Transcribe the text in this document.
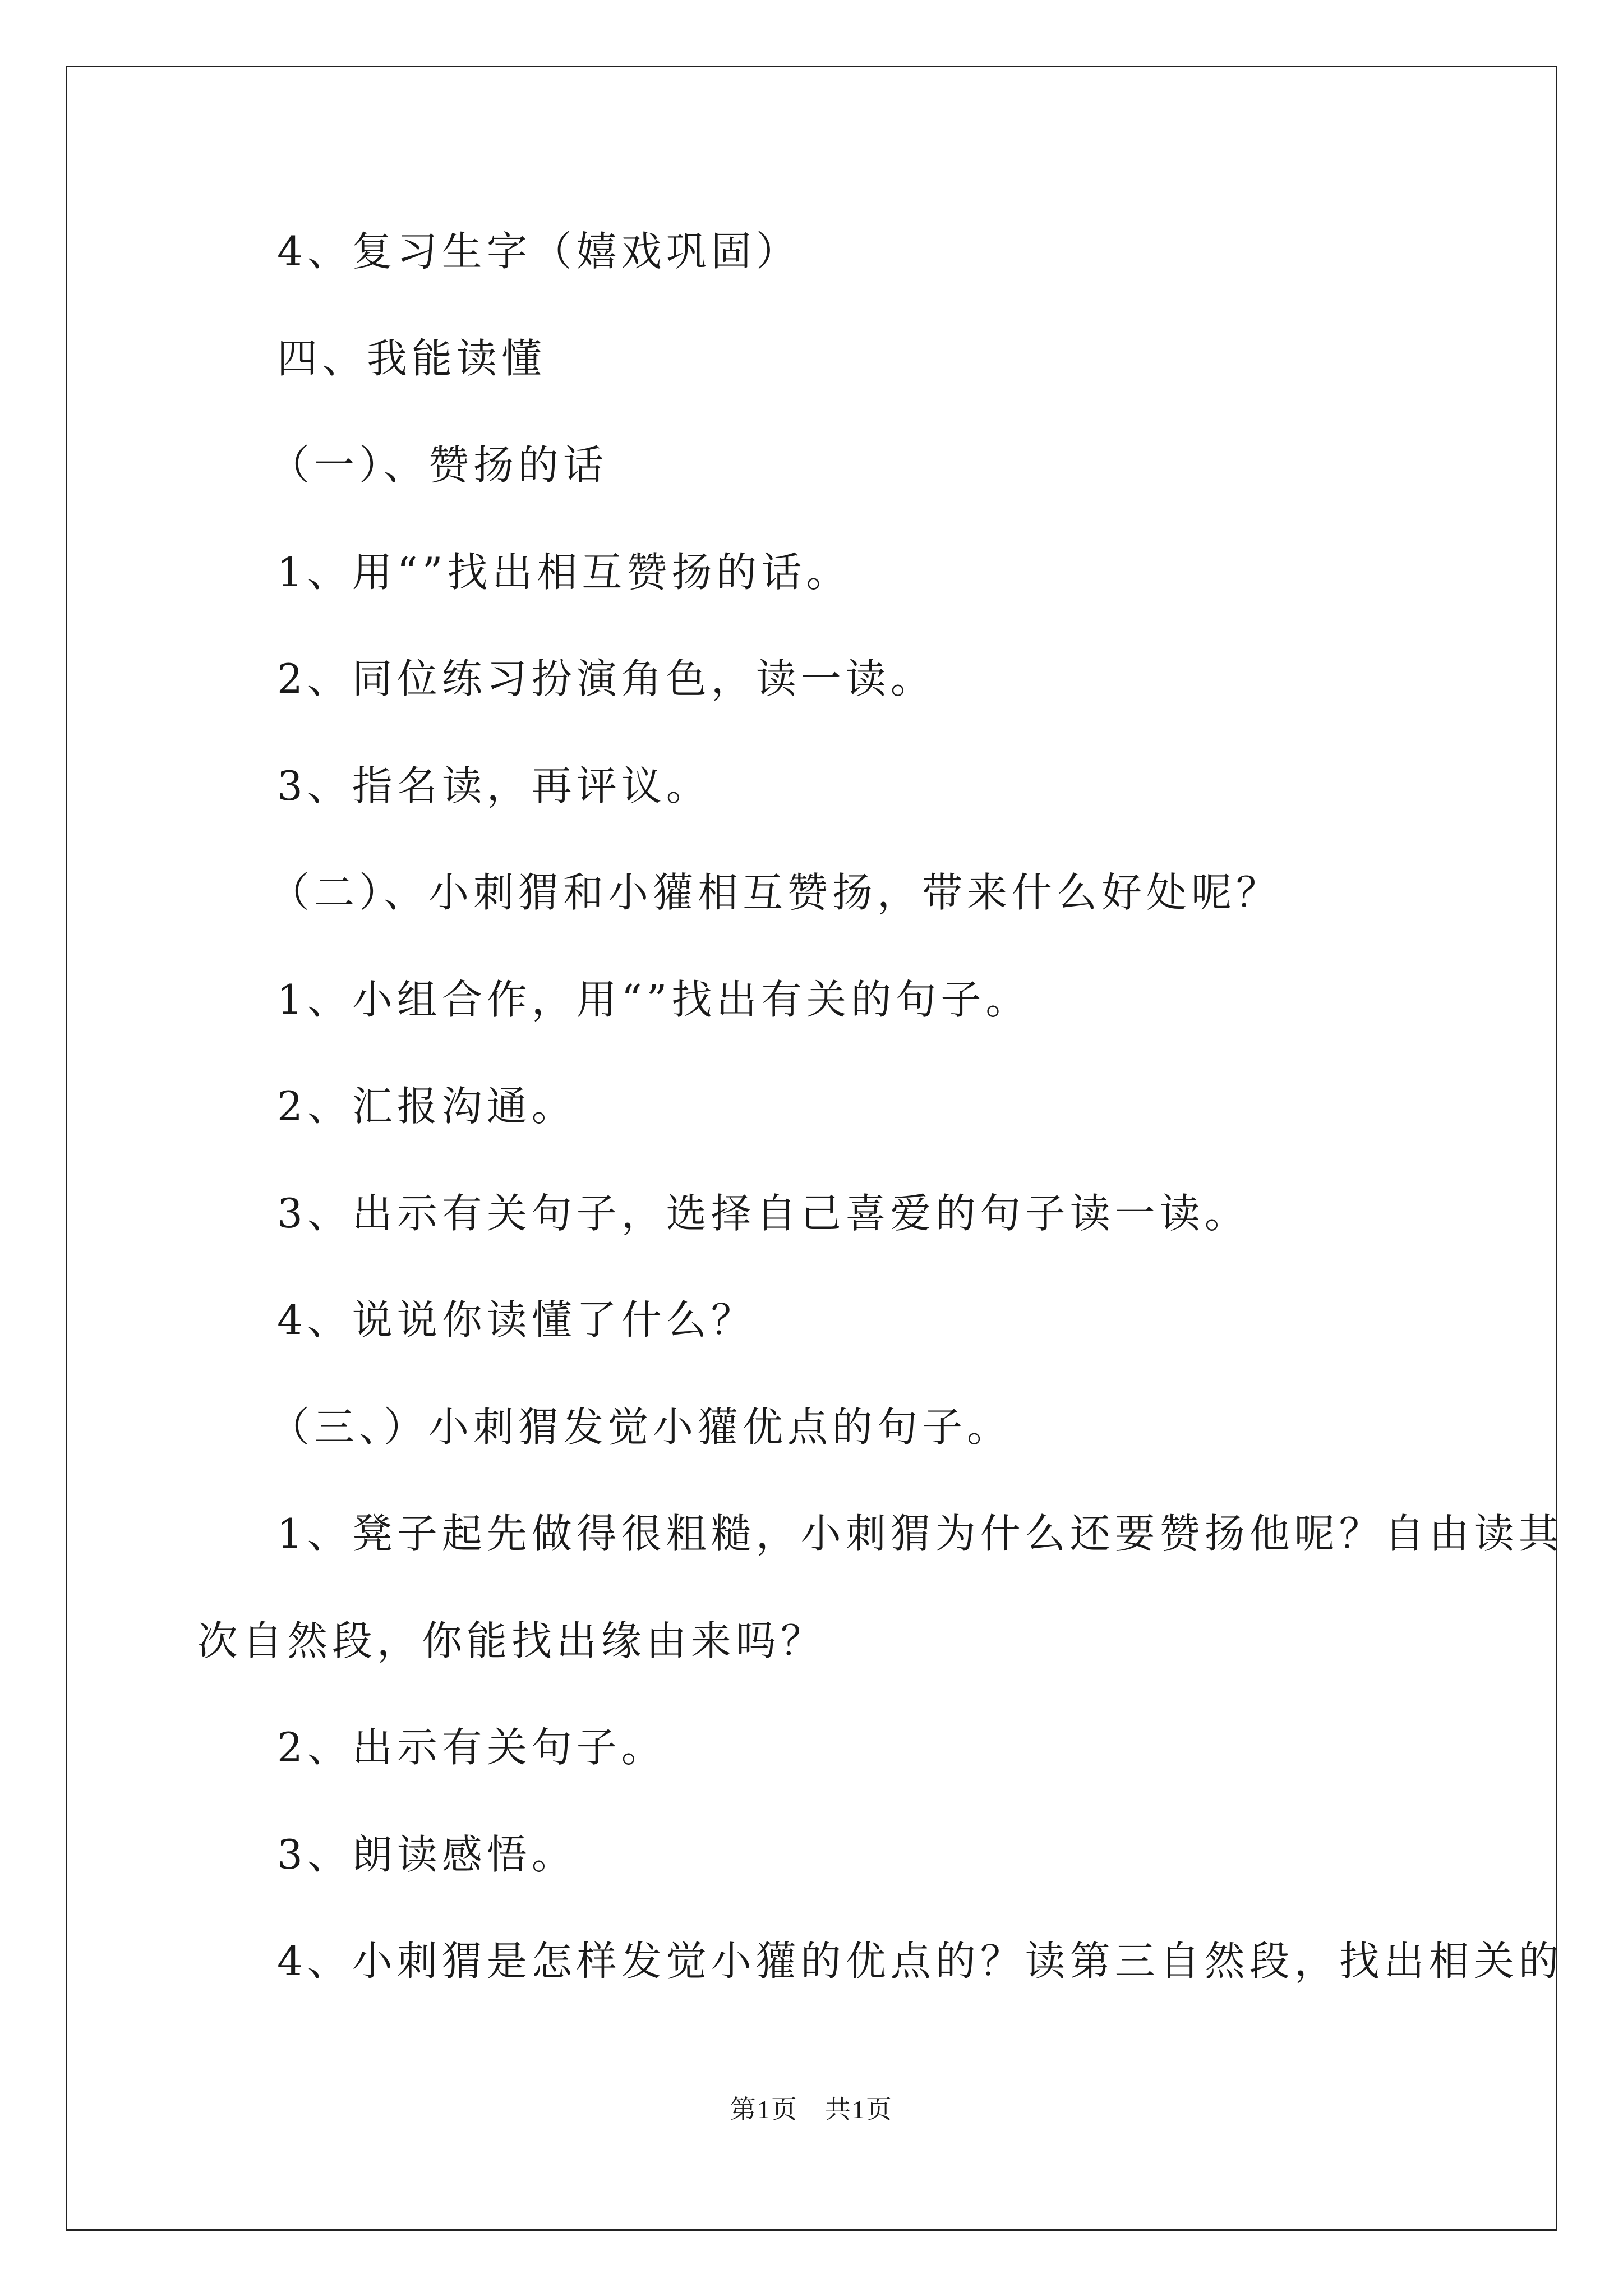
4、复习生字（嬉戏巩固）
四、我能读懂
（一）、赞扬的话
1、用“”找出相互赞扬的话。
2、同位练习扮演角色，读一读。
3、指名读，再评议。
（二）、小刺猬和小獾相互赞扬，带来什么好处呢？
1、小组合作，用“”找出有关的句子。
2、汇报沟通。
3、出示有关句子，选择自己喜爱的句子读一读。
4、说说你读懂了什么？
（三、）小刺猬发觉小獾优点的句子。
1、凳子起先做得很粗糙，小刺猬为什么还要赞扬他呢？自由读其
次自然段，你能找出缘由来吗？
2、出示有关句子。
3、朗读感悟。
4、小刺猬是怎样发觉小獾的优点的？读第三自然段，找出相关的
第1页　共1页
